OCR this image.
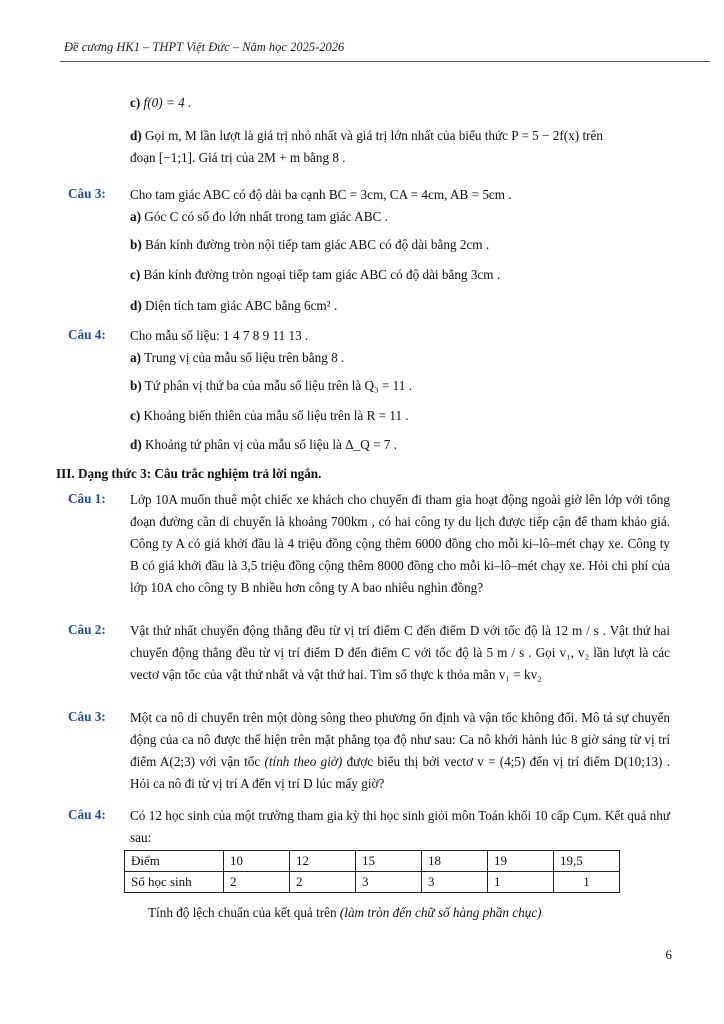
Đề cương HK1 – THPT Việt Đức – Năm học 2025-2026
c) f(0) = 4 .
d) Gọi m, M lần lượt là giá trị nhỏ nhất và giá trị lớn nhất của biểu thức P = 5 − 2f(x) trên
đoạn [−1;1]. Giá trị của 2M + m bằng 8 .
Câu 3: Cho tam giác ABC có độ dài ba cạnh BC = 3cm, CA = 4cm, AB = 5cm .
a) Góc C có số đo lớn nhất trong tam giác ABC .
b) Bán kính đường tròn nội tiếp tam giác ABC có độ dài bằng 2cm .
c) Bán kính đường tròn ngoại tiếp tam giác ABC có độ dài bằng 3cm .
d) Diện tích tam giác ABC bằng 6cm² .
Câu 4: Cho mẫu số liệu: 1 4 7 8 9 11 13 .
a) Trung vị của mẫu số liệu trên bằng 8 .
b) Tứ phân vị thứ ba của mẫu số liệu trên là Q₃ = 11 .
c) Khoảng biến thiên của mẫu số liệu trên là R = 11 .
d) Khoảng tứ phân vị của mẫu số liệu là Δ_Q = 7 .
III. Dạng thức 3: Câu trắc nghiệm trả lời ngắn.
Câu 1: Lớp 10A muốn thuê một chiếc xe khách cho chuyến đi tham gia hoạt động ngoài giờ lên lớp với tổng đoạn đường cần di chuyển là khoảng 700km , có hai công ty du lịch được tiếp cận để tham khảo giá. Công ty A có giá khởi đầu là 4 triệu đồng cộng thêm 6000 đồng cho mỗi ki–lô–mét chạy xe. Công ty B có giá khởi đầu là 3,5 triệu đồng cộng thêm 8000 đồng cho mỗi ki–lô–mét chạy xe. Hỏi chi phí của lớp 10A cho công ty B nhiều hơn công ty A bao nhiêu nghìn đồng?
Câu 2: Vật thứ nhất chuyển động thẳng đều từ vị trí điểm C đến điểm D với tốc độ là 12 m / s . Vật thứ hai chuyển động thẳng đều từ vị trí điểm D đến điểm C với tốc độ là 5 m / s . Gọi v₁, v₂ lần lượt là các vectơ vận tốc của vật thứ nhất và vật thứ hai. Tìm số thực k thỏa mãn v₁ = kv₂
Câu 3: Một ca nô di chuyển trên một dòng sông theo phương ổn định và vận tốc không đổi. Mô tả sự chuyển động của ca nô được thể hiện trên mặt phẳng tọa độ như sau: Ca nô khởi hành lúc 8 giờ sáng từ vị trí điểm A(2;3) với vận tốc (tính theo giờ) được biểu thị bởi vectơ v = (4;5) đến vị trí điểm D(10;13) . Hỏi ca nô đi từ vị trí A đến vị trí D lúc mấy giờ?
Câu 4: Có 12 học sinh của một trường tham gia kỳ thi học sinh giỏi môn Toán khối 10 cấp Cụm. Kết quả như sau:
Điểm	10	12	15	18	19	19,5
Số học sinh	2	2	3	3	1	1
Tính độ lệch chuẩn của kết quả trên (làm tròn đến chữ số hàng phần chục)
6
